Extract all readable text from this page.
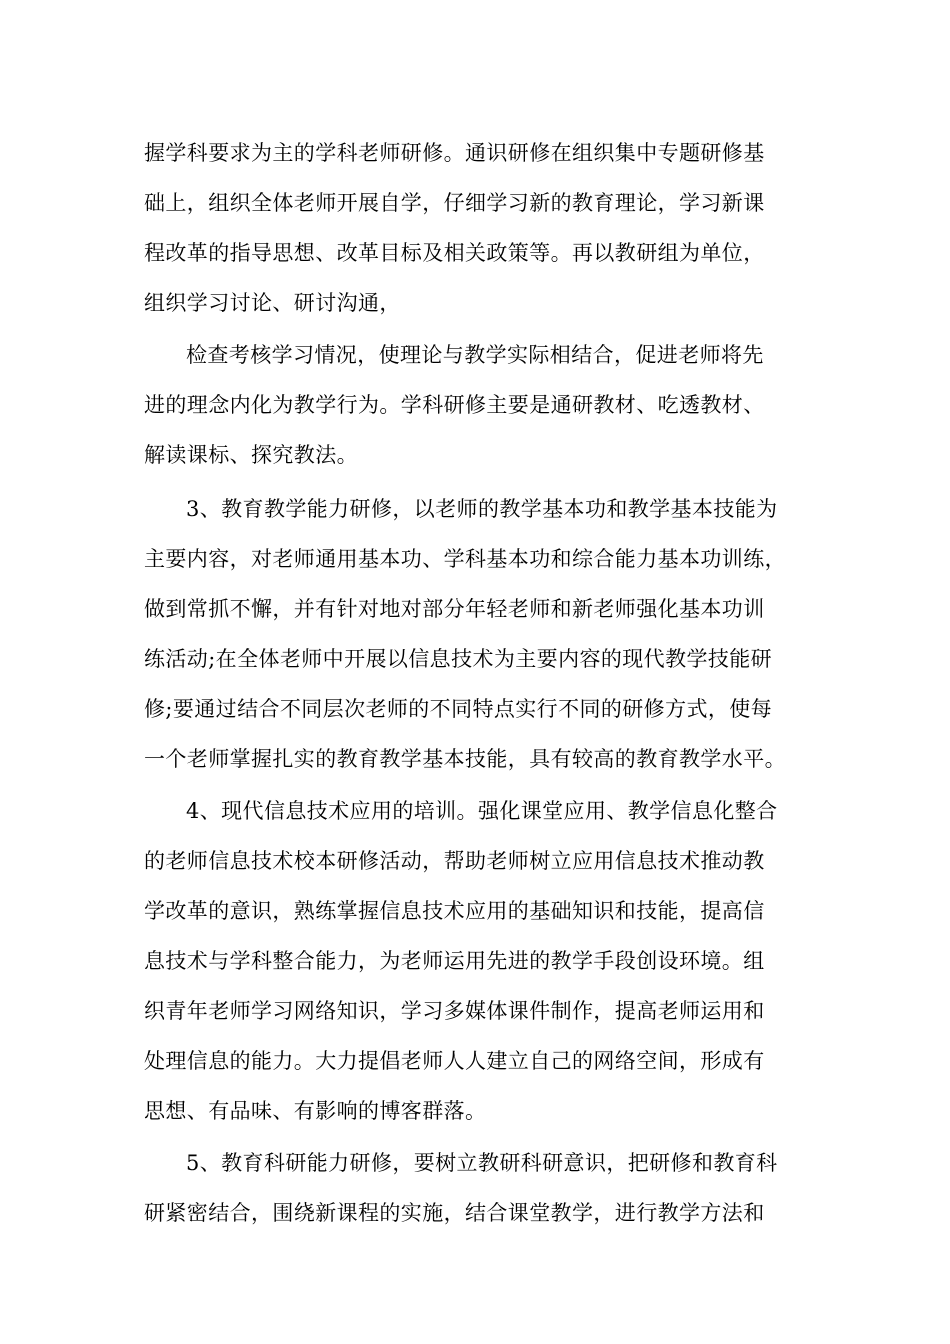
握学科要求为主的学科老师研修。通识研修在组织集中专题研修基
础上，组织全体老师开展自学，仔细学习新的教育理论，学习新课
程改革的指导思想、改革目标及相关政策等。再以教研组为单位，
组织学习讨论、研讨沟通，
检查考核学习情况，使理论与教学实际相结合，促进老师将先
进的理念内化为教学行为。学科研修主要是通研教材、吃透教材、
解读课标、探究教法。
3、教育教学能力研修，以老师的教学基本功和教学基本技能为
主要内容，对老师通用基本功、学科基本功和综合能力基本功训练，
做到常抓不懈，并有针对地对部分年轻老师和新老师强化基本功训
练活动;在全体老师中开展以信息技术为主要内容的现代教学技能研
修;要通过结合不同层次老师的不同特点实行不同的研修方式，使每
一个老师掌握扎实的教育教学基本技能，具有较高的教育教学水平。
4、现代信息技术应用的培训。强化课堂应用、教学信息化整合
的老师信息技术校本研修活动，帮助老师树立应用信息技术推动教
学改革的意识，熟练掌握信息技术应用的基础知识和技能，提高信
息技术与学科整合能力，为老师运用先进的教学手段创设环境。组
织青年老师学习网络知识，学习多媒体课件制作，提高老师运用和
处理信息的能力。大力提倡老师人人建立自己的网络空间，形成有
思想、有品味、有影响的博客群落。
5、教育科研能力研修，要树立教研科研意识，把研修和教育科
研紧密结合，围绕新课程的实施，结合课堂教学，进行教学方法和
